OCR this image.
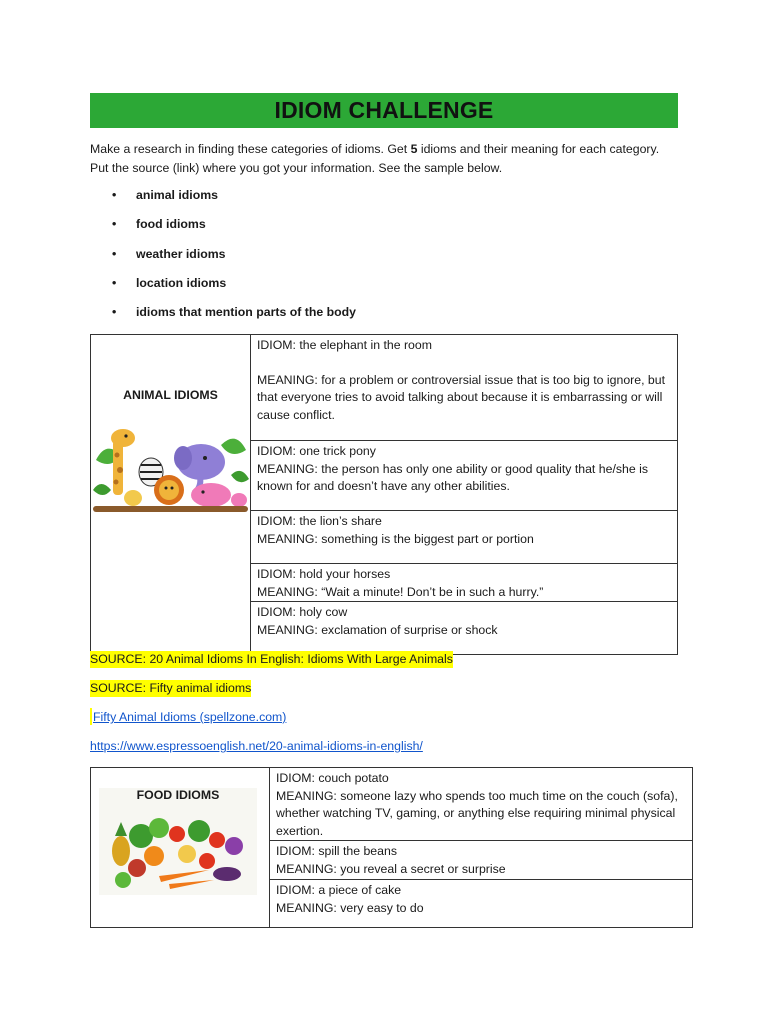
IDIOM CHALLENGE

Make a research in finding these categories of idioms. Get 5 idioms and their meaning for each category.

Put the source (link) where you got your information. See the sample below.

•	animal idioms
•	food idioms
•	weather idioms
•	location idioms
•	idioms that mention parts of the body
ANIMAL IDIOMS

IDIOM: the elephant in the room
MEANING: for a problem or controversial issue that is too big to ignore, but that everyone tries to avoid talking about because it is embarrassing or will cause conflict.

IDIOM: one trick pony
MEANING: the person has only one ability or good quality that he/she is known for and doesn’t have any other abilities.

IDIOM: the lion’s share
MEANING: something is the biggest part or portion

IDIOM: hold your horses
MEANING: “Wait a minute! Don’t be in such a hurry.”

IDIOM: holy cow
MEANING: exclamation of surprise or shock
SOURCE: 20 Animal Idioms In English: Idioms With Large Animals
SOURCE: Fifty animal idioms
Fifty Animal Idioms (spellzone.com)
https://www.espressoenglish.net/20-animal-idioms-in-english/
FOOD IDIOMS

IDIOM: couch potato
MEANING: someone lazy who spends too much time on the couch (sofa), whether watching TV, gaming, or anything else requiring minimal physical exertion.

IDIOM: spill the beans
MEANING: you reveal a secret or surprise

IDIOM: a piece of cake
MEANING: very easy to do
